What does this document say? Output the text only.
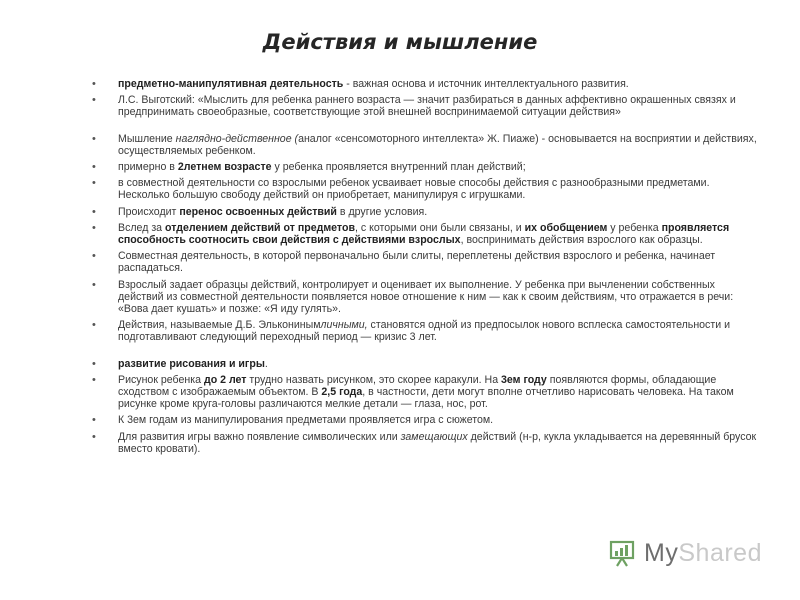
Действия и мышление
• предметно-манипулятивная деятельность - важная основа и источник интеллектуального развития.
• Л.С. Выготский: «Мыслить для ребенка раннего возраста — значит разбираться в данных аффективно окрашенных связях и предпринимать своеобразные, соответствующие этой внешней воспринимаемой ситуации действия»
• Мышление наглядно-действенное (аналог «сенсомоторного интеллекта» Ж. Пиаже) - основывается на восприятии и действиях, осуществляемых ребенком.
• примерно в 2летнем возрасте у ребенка проявляется внутренний план действий;
• в совместной деятельности со взрослыми ребенок усваивает новые способы действия с разнообразными предметами. Несколько большую свободу действий он приобретает, манипулируя с игрушками.
• Происходит перенос освоенных действий в другие условия.
• Вслед за отделением действий от предметов, с которыми они были связаны, и их обобщением у ребенка проявляется способность соотносить свои действия с действиями взрослых, воспринимать действия взрослого как образцы.
• Совместная деятельность, в которой первоначально были слиты, переплетены действия взрослого и ребенка, начинает распадаться.
• Взрослый задает образцы действий, контролирует и оценивает их выполнение. У ребенка при вычленении собственных действий из совместной деятельности появляется новое отношение к ним — как к своим действиям, что отражается в речи: «Вова дает кушать» и позже: «Я иду гулять».
• Действия, называемые Д.Б. Эльконинымличными, становятся одной из предпосылок нового всплеска самостоятельности и подготавливают следующий переходный период — кризис 3 лет.
• развитие рисования и игры.
• Рисунок ребенка до 2 лет трудно назвать рисунком, это скорее каракули. На 3ем году появляются формы, обладающие сходством с изображаемым объектом. В 2,5 года, в частности, дети могут вполне отчетливо нарисовать человека. На таком рисунке кроме круга-головы различаются мелкие детали — глаза, нос, рот.
• К 3ем годам из манипулирования предметами проявляется игра с сюжетом.
• Для развития игры важно появление символических или замещающих действий (н-р, кукла укладывается на деревянный брусок вместо кровати).
MyShared
